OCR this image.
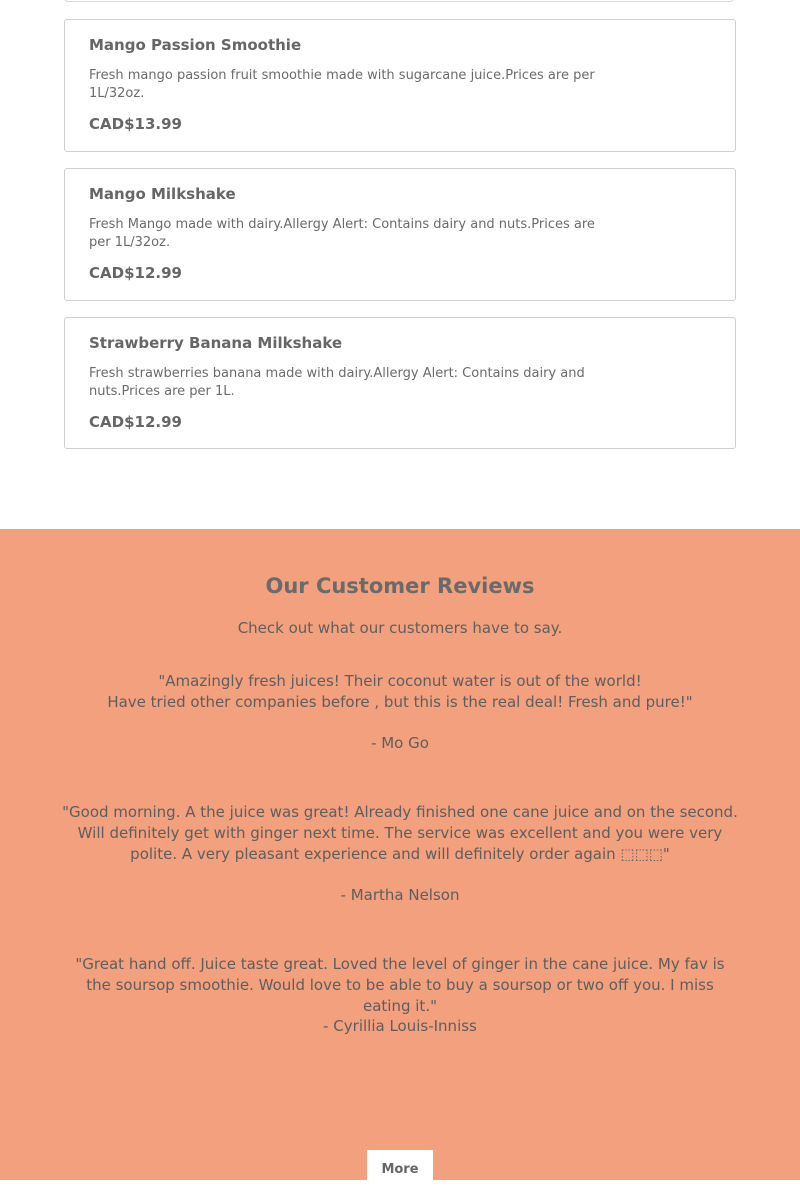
Mango Passion Smoothie

Fresh mango passion fruit smoothie made with sugarcane juice.Prices are per 1L/32oz.

CAD$13.99

Mango Milkshake

Fresh Mango made with dairy.Allergy Alert: Contains dairy and nuts.Prices are per 1L/32oz.

CAD$12.99

Strawberry Banana Milkshake

Fresh strawberries banana made with dairy.Allergy Alert: Contains dairy and nuts.Prices are per 1L.

CAD$12.99

Our Customer Reviews

Check out what our customers have to say.

"Amazingly fresh juices! Their coconut water is out of the world!
Have tried other companies before , but this is the real deal! Fresh and pure!"

- Mo Go

"Good morning. A the juice was great! Already finished one cane juice and on the second. Will definitely get with ginger next time. The service was excellent and you were very polite. A very pleasant experience and will definitely order again ⬚⬚⬚"

- Martha Nelson

"Great hand off. Juice taste great. Loved the level of ginger in the cane juice. My fav is the soursop smoothie. Would love to be able to buy a soursop or two off you. I miss eating it."

- Cyrillia Louis-Inniss

More
